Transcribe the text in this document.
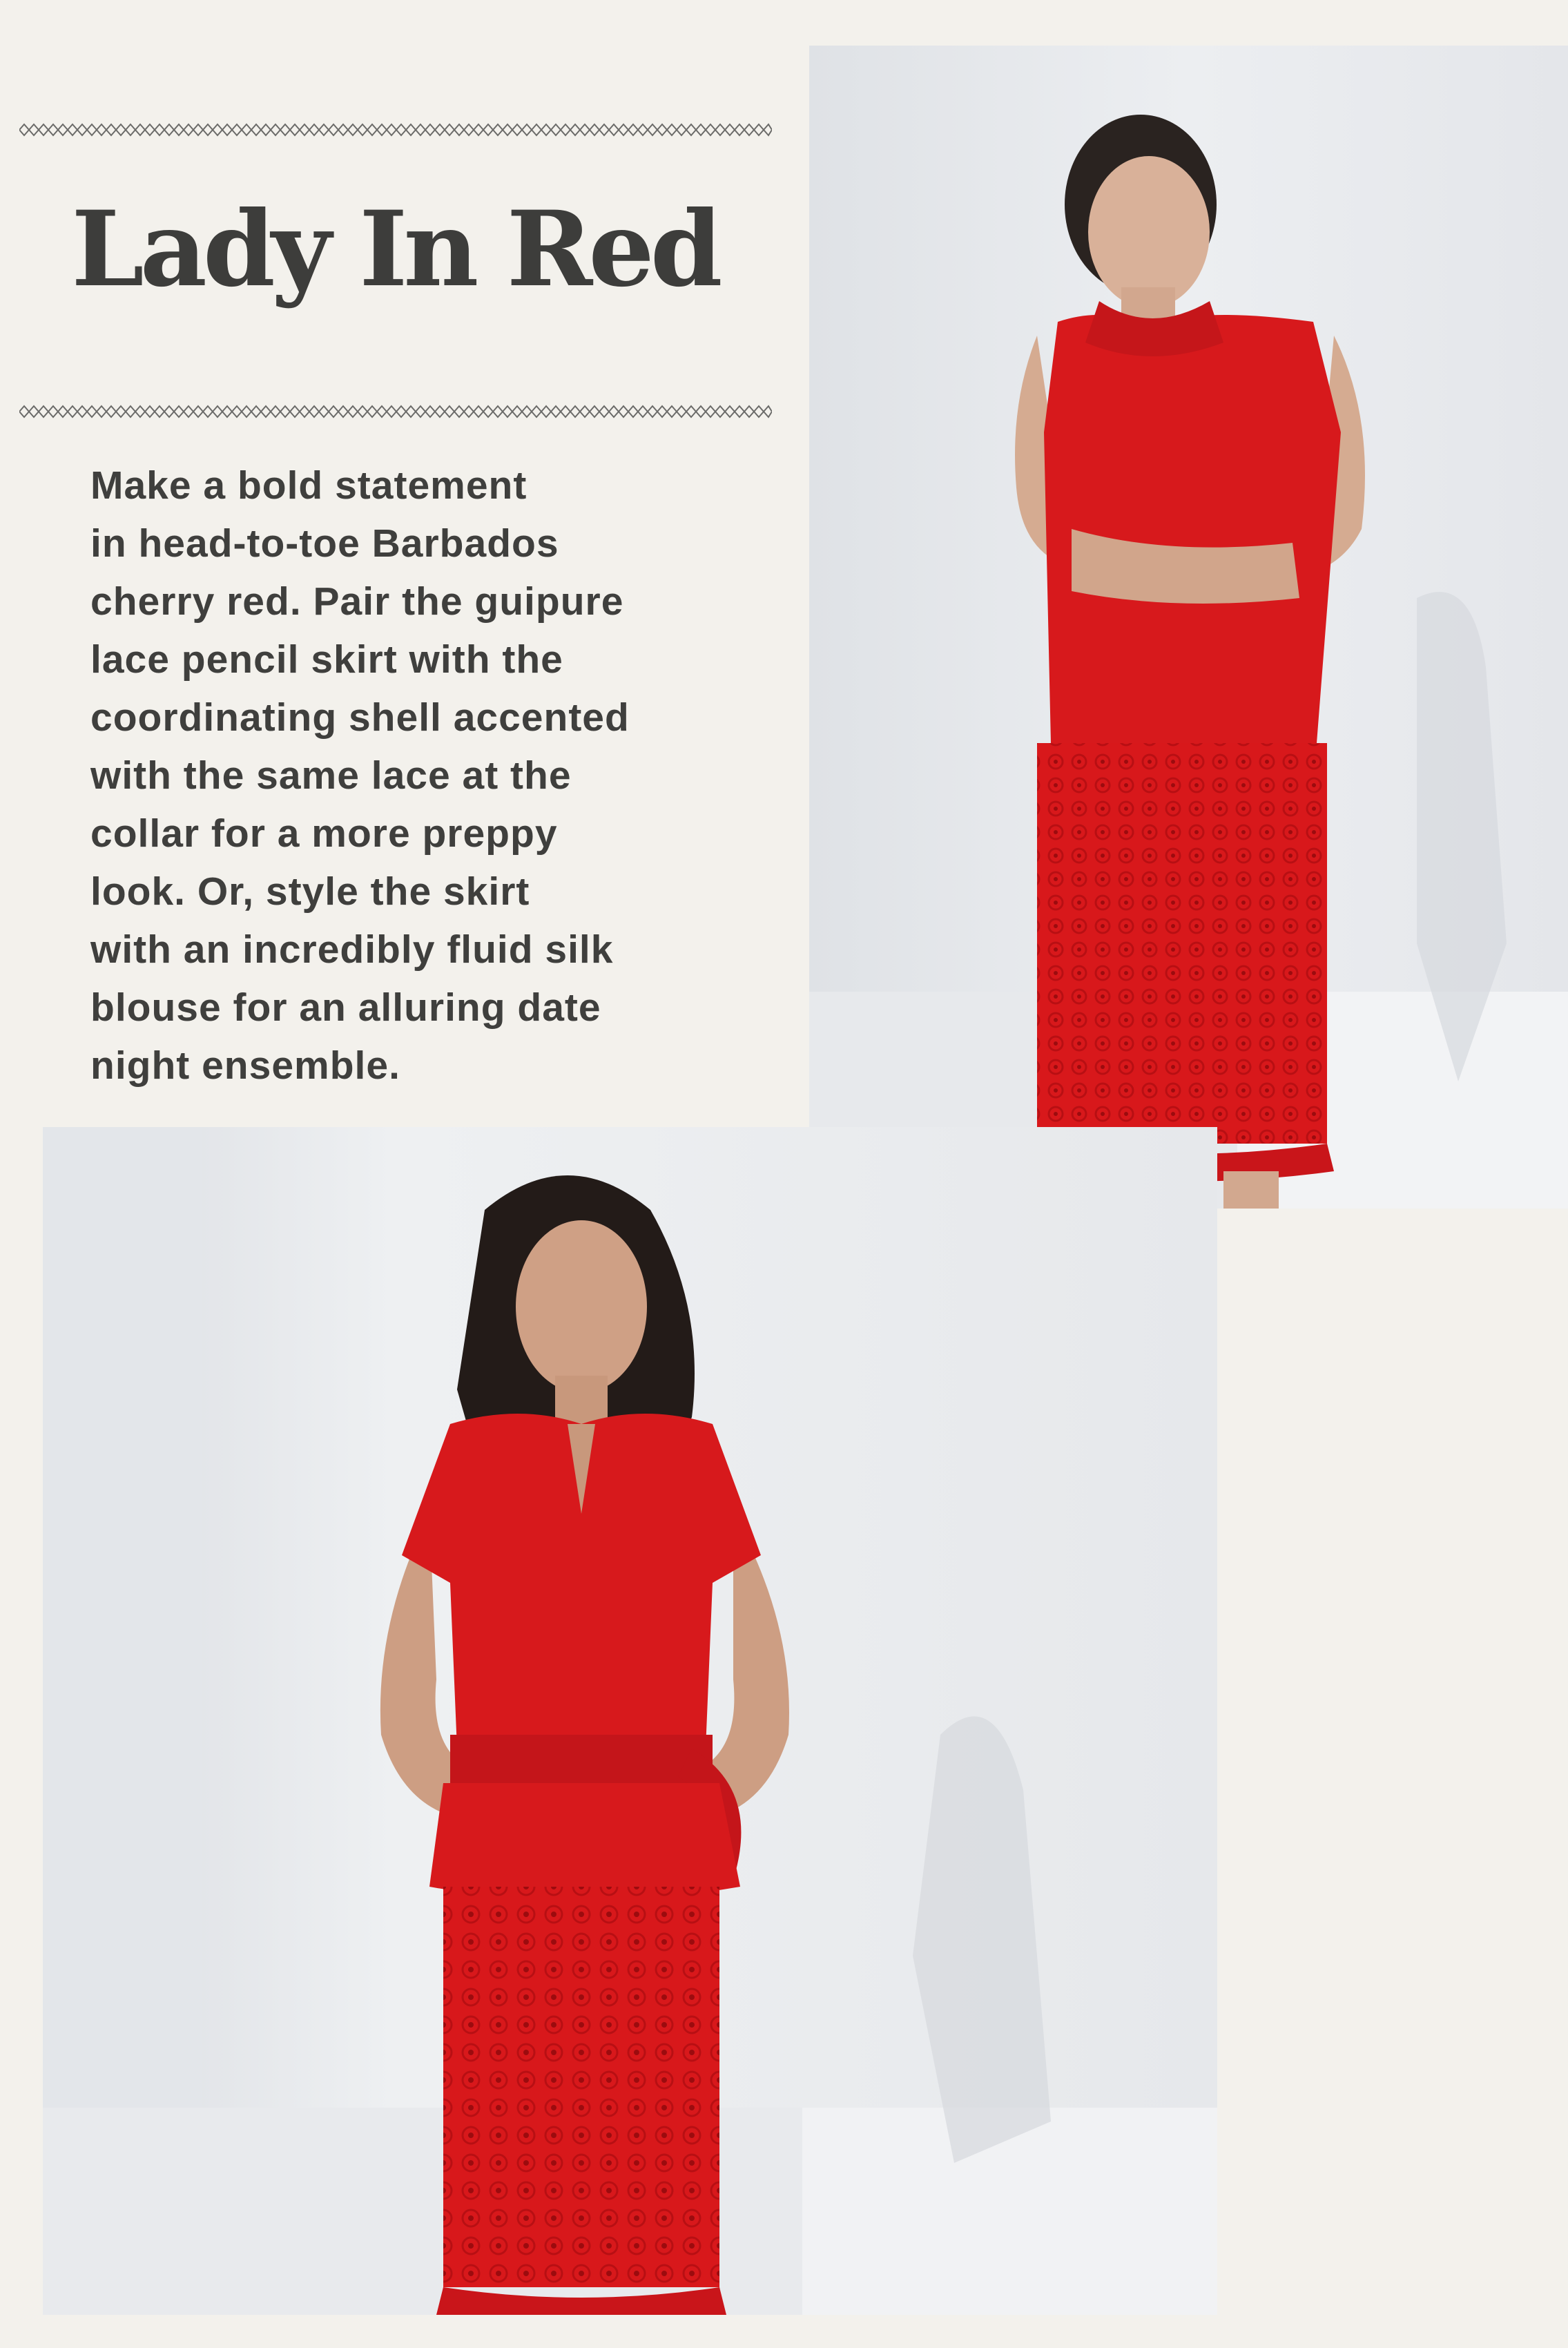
Lady In Red
Make a bold statement
in head-to-toe Barbados
cherry red. Pair the guipure
lace pencil skirt with the
coordinating shell accented
with the same lace at the
collar for a more preppy
look. Or, style the skirt
with an incredibly fluid silk
blouse for an alluring date
night ensemble.
